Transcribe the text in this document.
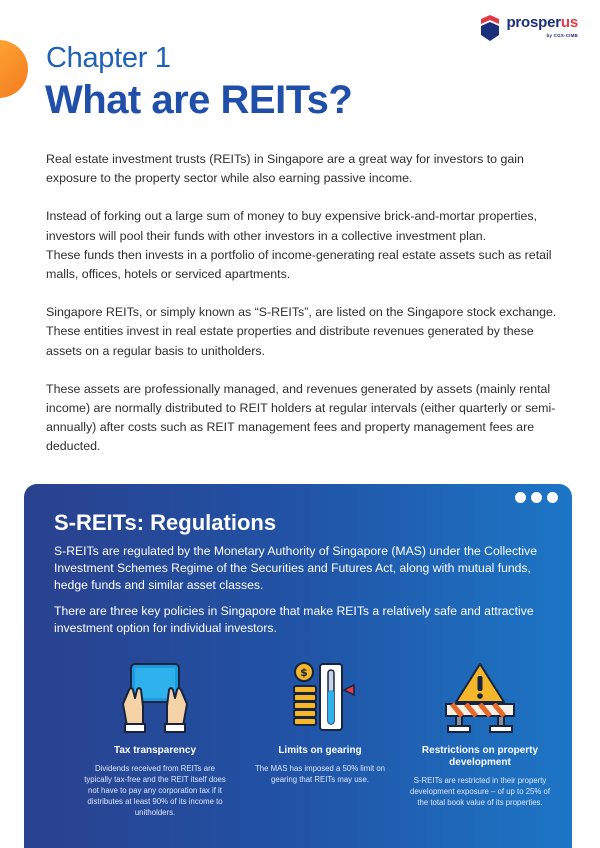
prosperus
by CGS-CIMB
Chapter 1
What are REITs?

Real estate investment trusts (REITs) in Singapore are a great way for investors to gain exposure to the property sector while also earning passive income.

Instead of forking out a large sum of money to buy expensive brick-and-mortar properties, investors will pool their funds with other investors in a collective investment plan.
These funds then invests in a portfolio of income-generating real estate assets such as retail malls, offices, hotels or serviced apartments.

Singapore REITs, or simply known as “S-REITs”, are listed on the Singapore stock exchange. These entities invest in real estate properties and distribute revenues generated by these assets on a regular basis to unitholders.

These assets are professionally managed, and revenues generated by assets (mainly rental income) are normally distributed to REIT holders at regular intervals (either quarterly or semi-annually) after costs such as REIT management fees and property management fees are deducted.

S-REITs: Regulations

S-REITs are regulated by the Monetary Authority of Singapore (MAS) under the Collective Investment Schemes Regime of the Securities and Futures Act, along with mutual funds, hedge funds and similar asset classes.

There are three key policies in Singapore that make REITs a relatively safe and attractive investment option for individual investors.

Tax transparency
Dividends received from REITs are typically tax-free and the REIT itself does not have to pay any corporation tax if it distributes at least 90% of its income to unitholders.
$
Limits on gearing
The MAS has imposed a 50% limit on gearing that REITs may use.
Restrictions on property development
S-REITs are restricted in their property development exposure – of up to 25% of the total book value of its properties.
